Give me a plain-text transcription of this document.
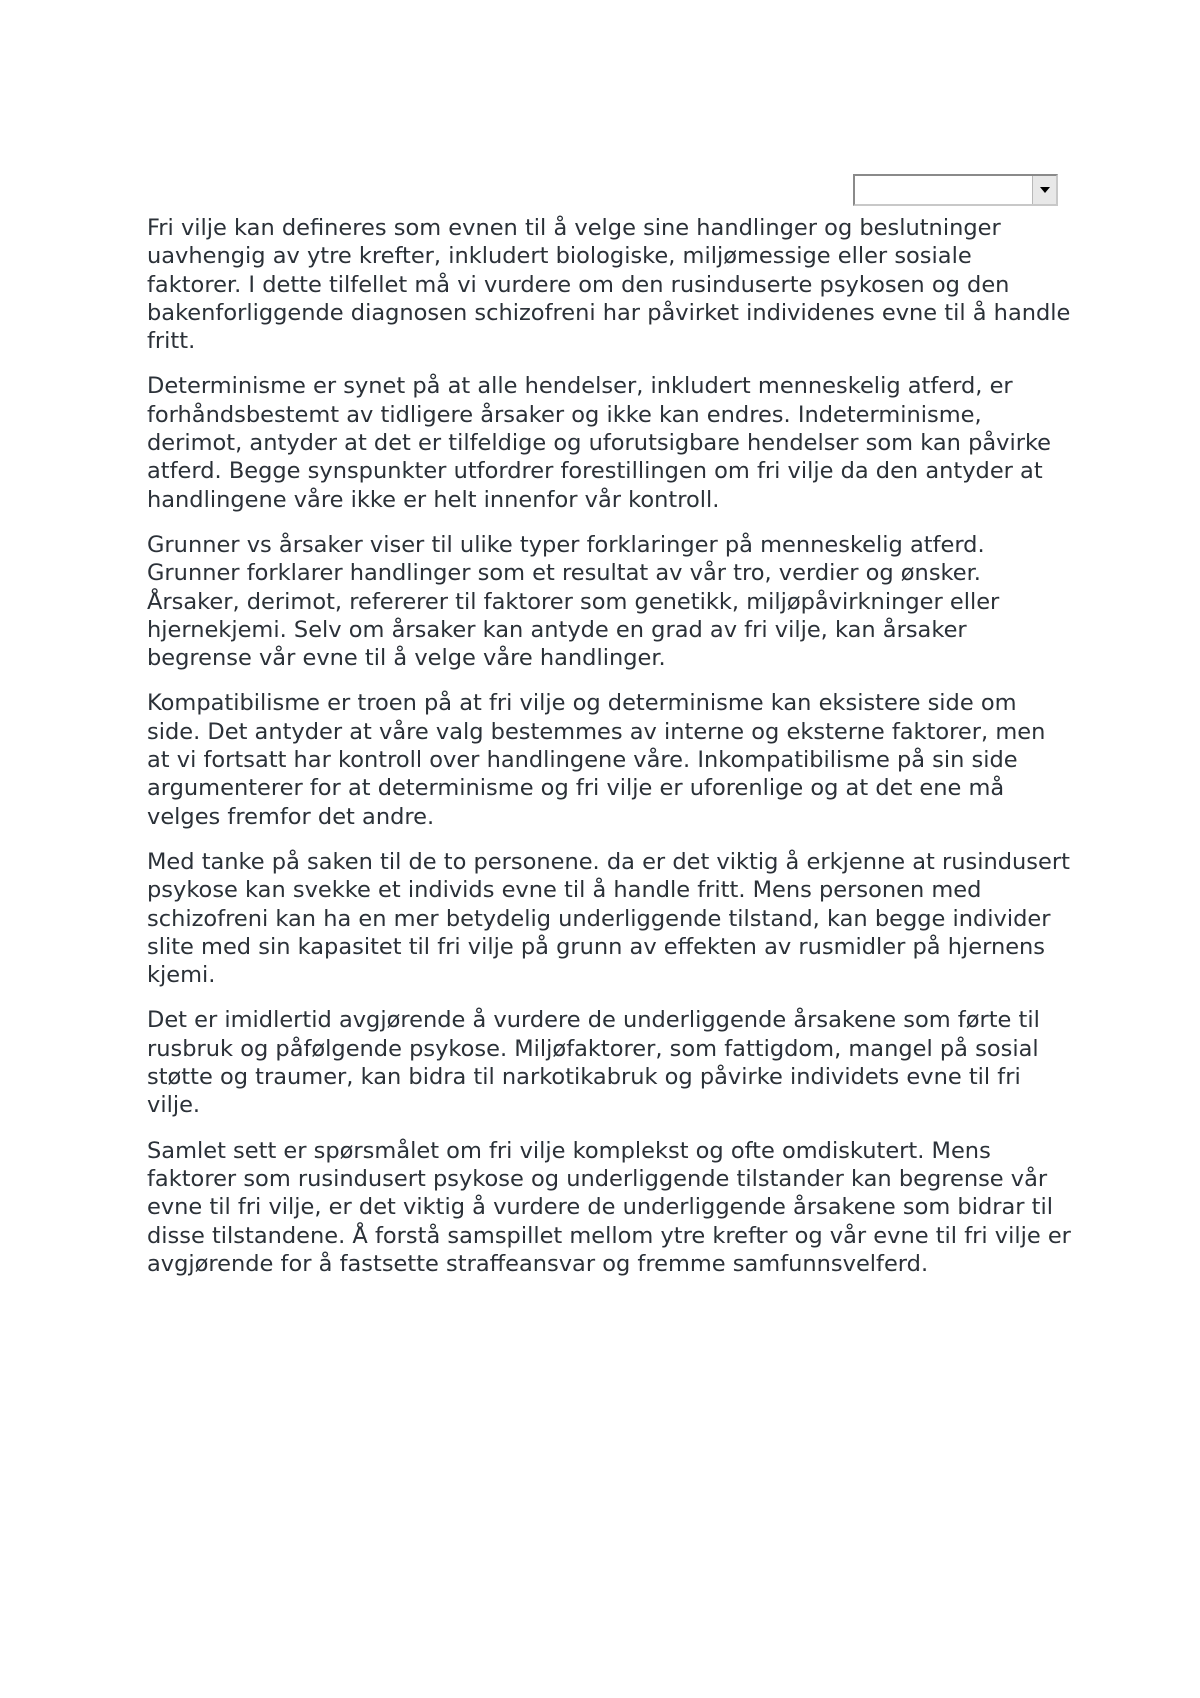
Fri vilje kan defineres som evnen til å velge sine handlinger og beslutninger uavhengig av ytre krefter, inkludert biologiske, miljømessige eller sosiale faktorer. I dette tilfellet må vi vurdere om den rusinduserte psykosen og den bakenforliggende diagnosen schizofreni har påvirket individenes evne til å handle fritt.

Determinisme er synet på at alle hendelser, inkludert menneskelig atferd, er forhåndsbestemt av tidligere årsaker og ikke kan endres. Indeterminisme, derimot, antyder at det er tilfeldige og uforutsigbare hendelser som kan påvirke atferd. Begge synspunkter utfordrer forestillingen om fri vilje da den antyder at handlingene våre ikke er helt innenfor vår kontroll.

Grunner vs årsaker viser til ulike typer forklaringer på menneskelig atferd. Grunner forklarer handlinger som et resultat av vår tro, verdier og ønsker. Årsaker, derimot, refererer til faktorer som genetikk, miljøpåvirkninger eller hjernekjemi. Selv om årsaker kan antyde en grad av fri vilje, kan årsaker begrense vår evne til å velge våre handlinger.

Kompatibilisme er troen på at fri vilje og determinisme kan eksistere side om side. Det antyder at våre valg bestemmes av interne og eksterne faktorer, men at vi fortsatt har kontroll over handlingene våre. Inkompatibilisme på sin side argumenterer for at determinisme og fri vilje er uforenlige og at det ene må velges fremfor det andre.

Med tanke på saken til de to personene. da er det viktig å erkjenne at rusindusert psykose kan svekke et individs evne til å handle fritt. Mens personen med schizofreni kan ha en mer betydelig underliggende tilstand, kan begge individer slite med sin kapasitet til fri vilje på grunn av effekten av rusmidler på hjernens kjemi.

Det er imidlertid avgjørende å vurdere de underliggende årsakene som førte til rusbruk og påfølgende psykose. Miljøfaktorer, som fattigdom, mangel på sosial støtte og traumer, kan bidra til narkotikabruk og påvirke individets evne til fri vilje.

Samlet sett er spørsmålet om fri vilje komplekst og ofte omdiskutert. Mens faktorer som rusindusert psykose og underliggende tilstander kan begrense vår evne til fri vilje, er det viktig å vurdere de underliggende årsakene som bidrar til disse tilstandene. Å forstå samspillet mellom ytre krefter og vår evne til fri vilje er avgjørende for å fastsette straffeansvar og fremme samfunnsvelferd.
